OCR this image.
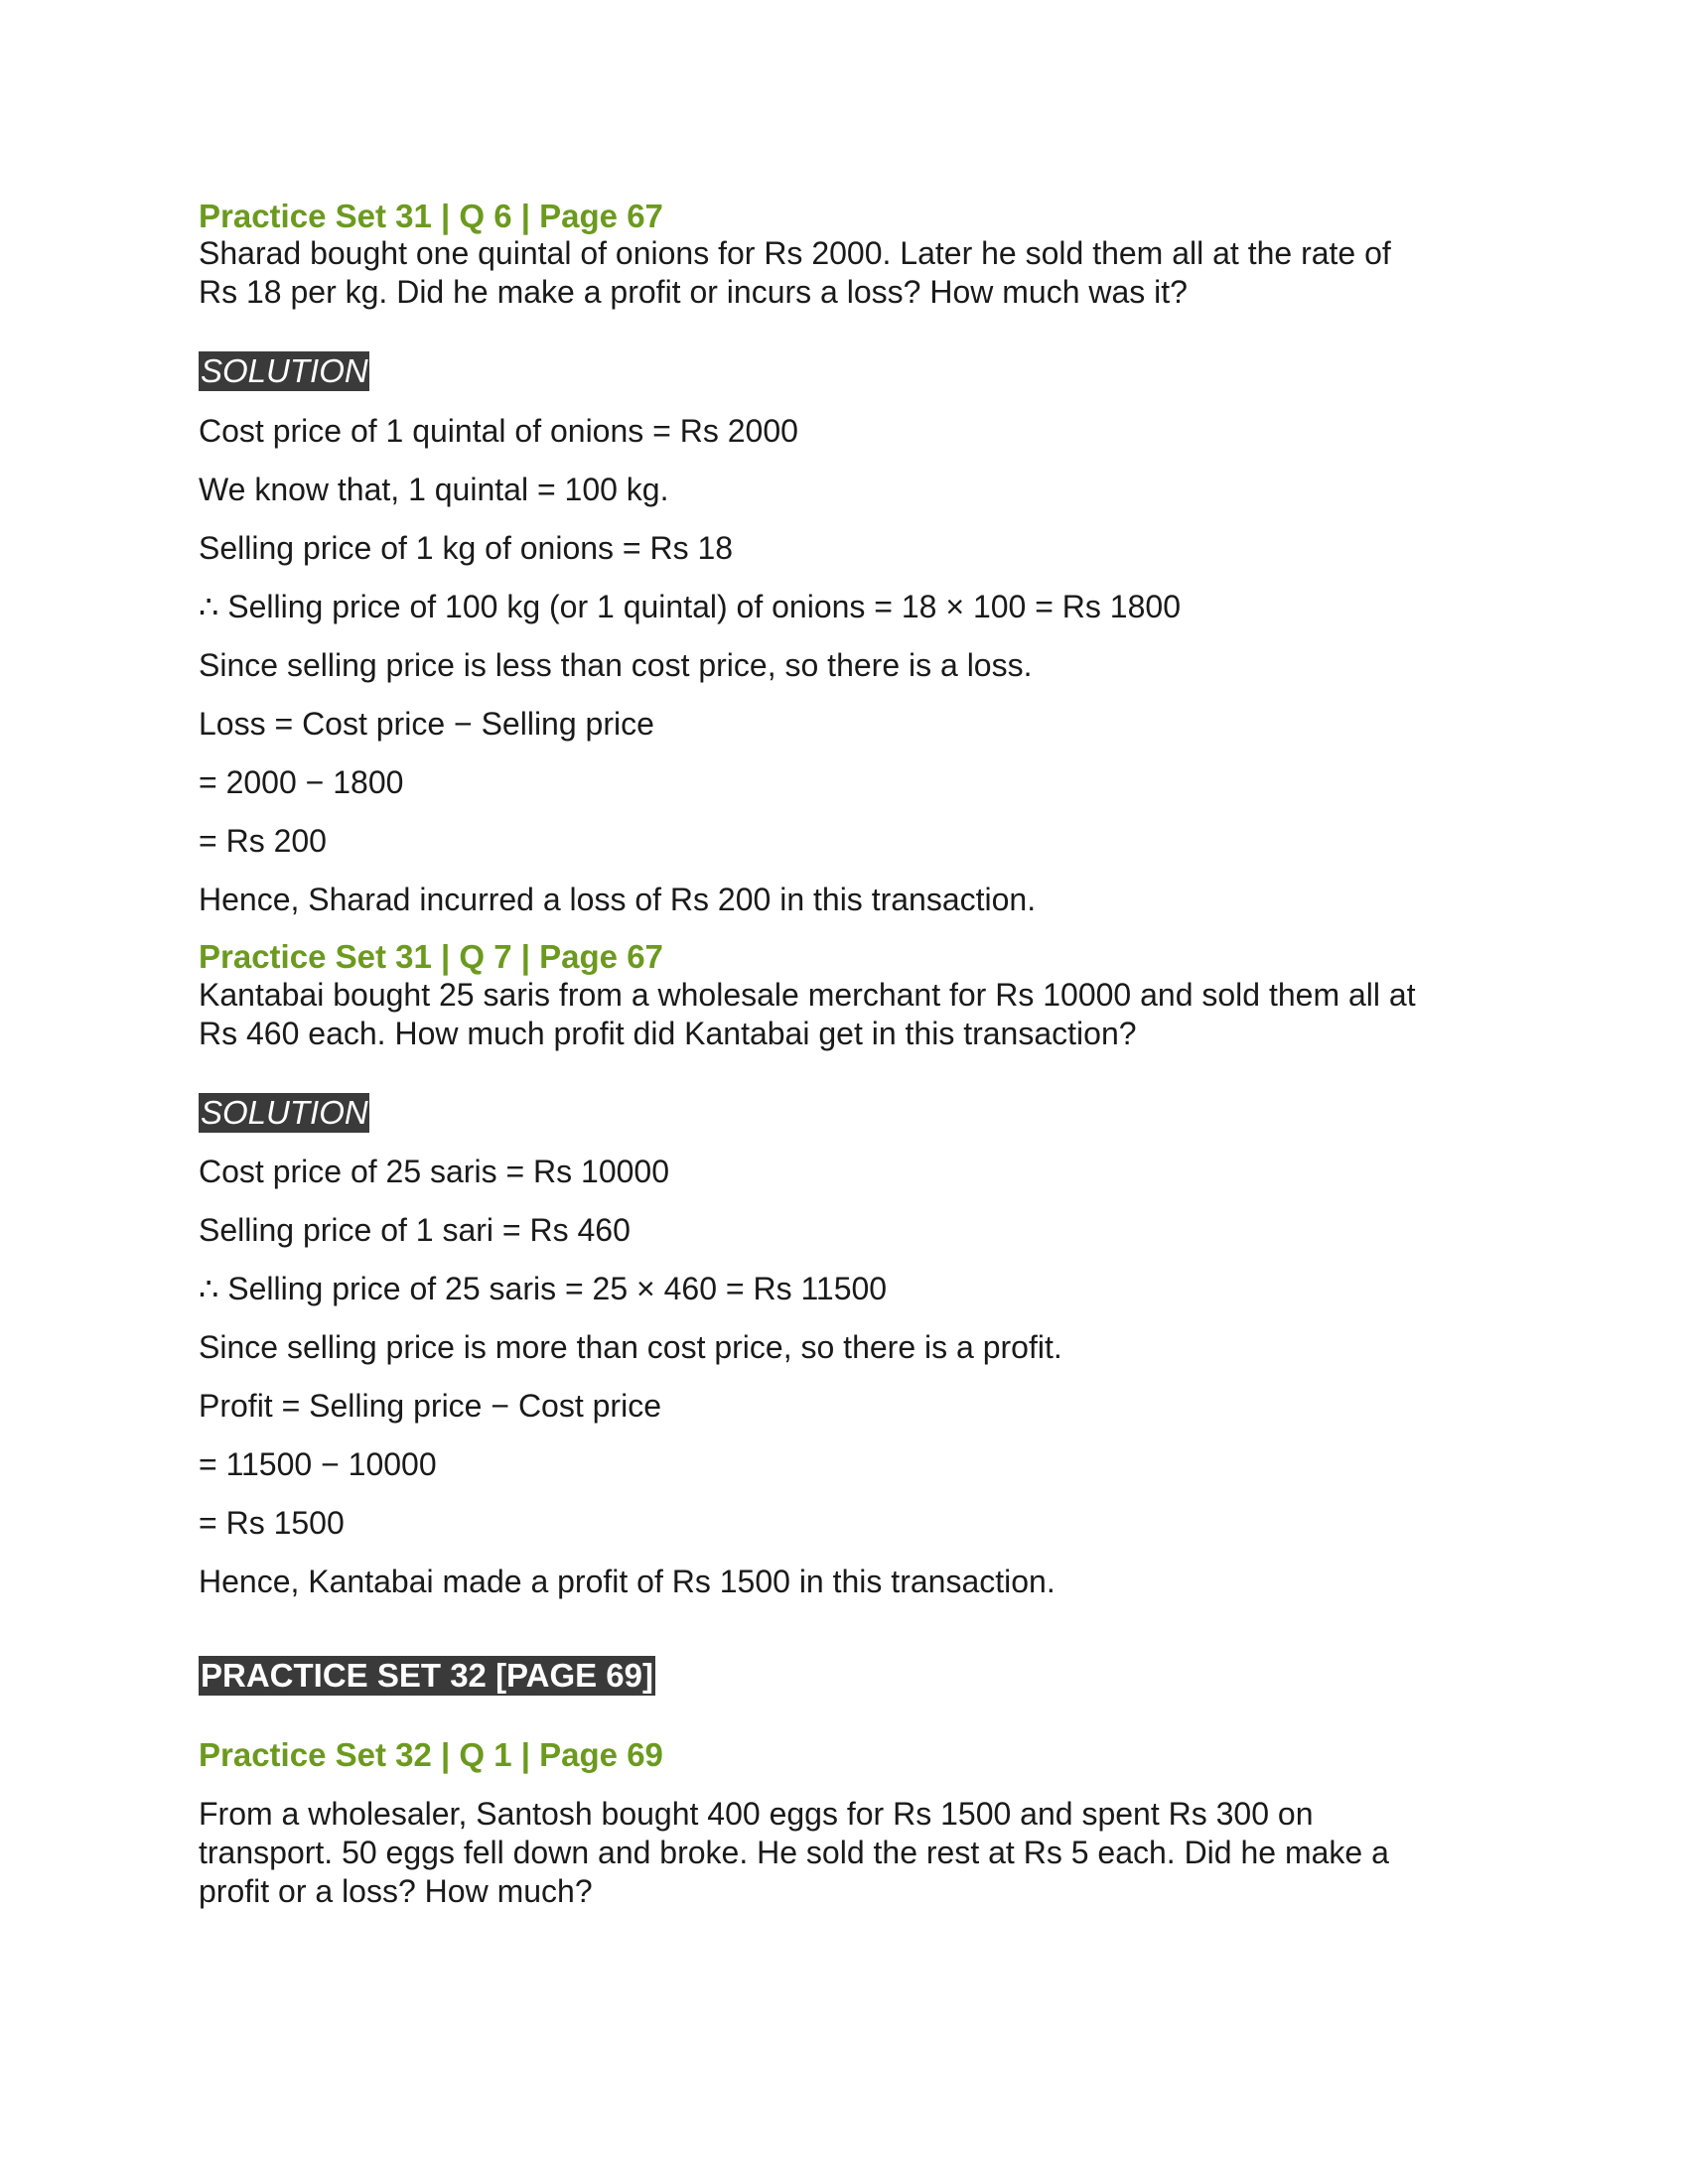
Practice Set 31 | Q 6 | Page 67
Sharad bought one quintal of onions for Rs 2000. Later he sold them all at the rate of
Rs 18 per kg. Did he make a profit or incurs a loss? How much was it?
SOLUTION
Cost price of 1 quintal of onions = Rs 2000
We know that, 1 quintal = 100 kg.
Selling price of 1 kg of onions = Rs 18
∴ Selling price of 100 kg (or 1 quintal) of onions = 18 × 100 = Rs 1800
Since selling price is less than cost price, so there is a loss.
Loss = Cost price − Selling price
= 2000 − 1800
= Rs 200
Hence, Sharad incurred a loss of Rs 200 in this transaction.
Practice Set 31 | Q 7 | Page 67
Kantabai bought 25 saris from a wholesale merchant for Rs 10000 and sold them all at
Rs 460 each. How much profit did Kantabai get in this transaction?
SOLUTION
Cost price of 25 saris = Rs 10000
Selling price of 1 sari = Rs 460
∴ Selling price of 25 saris = 25 × 460 = Rs 11500
Since selling price is more than cost price, so there is a profit.
Profit = Selling price − Cost price
= 11500 − 10000
= Rs 1500
Hence, Kantabai made a profit of Rs 1500 in this transaction.
PRACTICE SET 32 [PAGE 69]
Practice Set 32 | Q 1 | Page 69
From a wholesaler, Santosh bought 400 eggs for Rs 1500 and spent Rs 300 on
transport. 50 eggs fell down and broke. He sold the rest at Rs 5 each. Did he make a
profit or a loss? How much?
